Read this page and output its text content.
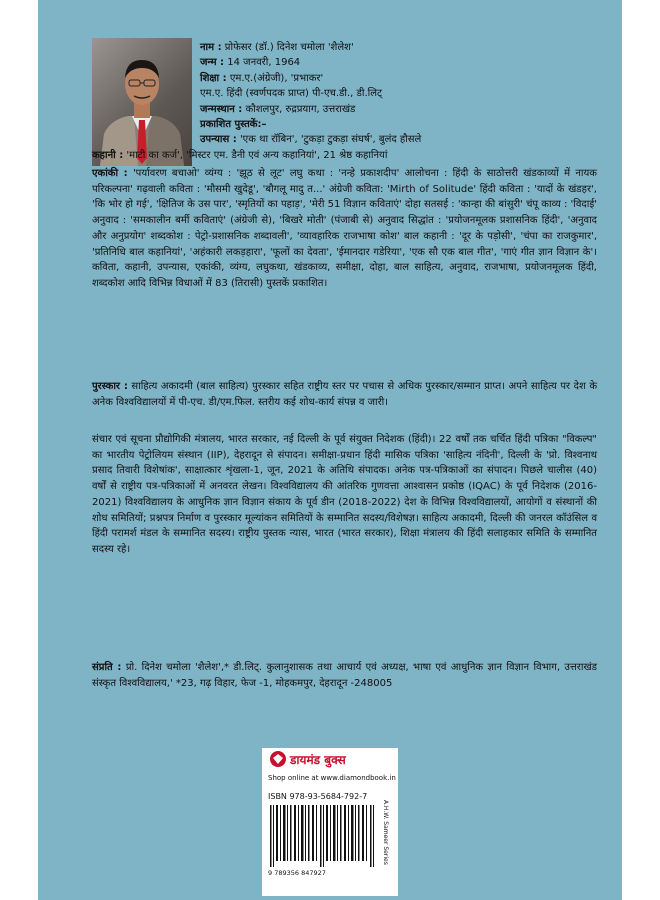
नाम : प्रोफेसर (डॉ.) दिनेश चमोला 'शैलेश'
जन्म : 14 जनवरी, 1964
शिक्षा : एम.ए.(अंग्रेजी), 'प्रभाकर'
एम.ए. हिंदी (स्वर्णपदक प्राप्त) पी-एच.डी., डी.लिट्
जन्मस्थान : कौशलपुर, रुद्रप्रयाग, उत्तराखंड
प्रकाशित पुस्तकें:–
उपन्यास : 'एक था रॉबिन', 'टुकड़ा टुकड़ा संघर्ष', बुलंद हौसले
कहानी : 'माटी का कर्ज', 'मिस्टर एम. डैनी एवं अन्य कहानियां', 21 श्रेष्ठ कहानियां
एकांकी : 'पर्यावरण बचाओ' व्यंग्य : 'झूठ से लूट' लघु कथा : 'नन्हे प्रकाशदीप' आलोचना : हिंदी के साठोत्तरी खंडकाव्यों में नायक परिकल्पना' गढ़वाली कविता : 'मौसमी खुदेडू', 'बौगलू मादु त...' अंग्रेजी कविता: 'Mirth of Solitude' हिंदी कविता : 'यादों के खंडहर', 'कि भोर हो गई', 'क्षितिज के उस पार', 'स्मृतियों का पहाड़', 'मेरी 51 विज्ञान कविताएं' दोहा सतसई : 'कान्हा की बांसुरी' चंपू काव्य : 'विदाई' अनुवाद : 'समकालीन बर्मी कविताएं' (अंग्रेजी से), 'बिखरे मोती' (पंजाबी से) अनुवाद सिद्धांत : 'प्रयोजनमूलक प्रशासनिक हिंदी', 'अनुवाद और अनुप्रयोग' शब्दकोश : पेट्रो-प्रशासनिक शब्दावली', 'व्यावहारिक राजभाषा कोश' बाल कहानी : 'दूर के पड़ोसी', 'चंपा का राजकुमार', 'प्रतिनिधि बाल कहानियां', 'अहंकारी लकड़हारा', 'फूलों का देवता', 'ईमानदार गडेरिया', 'एक सौ एक बाल गीत', 'गाएं गीत ज्ञान विज्ञान के'। कविता, कहानी, उपन्यास, एकांकी, व्यंग्य, लघुकथा, खंडकाव्य, समीक्षा, दोहा, बाल साहित्य, अनुवाद, राजभाषा, प्रयोजनमूलक हिंदी, शब्दकोश आदि विभिन्न विधाओं में 83 (तिरासी) पुस्तकें प्रकाशित।
पुरस्कार : साहित्य अकादमी (बाल साहित्य) पुरस्कार सहित राष्ट्रीय स्तर पर पचास से अधिक पुरस्कार/सम्मान प्राप्त। अपने साहित्य पर देश के अनेक विश्वविद्यालयों में पी-एच. डी/एम.फिल. स्तरीय कई शोध-कार्य संपन्न व जारी।
संचार एवं सूचना प्रौद्योगिकी मंत्रालय, भारत सरकार, नई दिल्ली के पूर्व संयुक्त निदेशक (हिंदी)। 22 वर्षों तक चर्चित हिंदी पत्रिका "विकल्प" का भारतीय पेट्रोलियम संस्थान (IIP), देहरादून से संपादन। समीक्षा-प्रधान हिंदी मासिक पत्रिका 'साहित्य नंदिनी', दिल्ली के 'प्रो. विश्वनाथ प्रसाद तिवारी विशेषांक', साक्षात्कार शृंखला-1, जून, 2021 के अतिथि संपादक। अनेक पत्र-पत्रिकाओं का संपादन। पिछले चालीस (40) वर्षों से राष्ट्रीय पत्र-पत्रिकाओं में अनवरत लेखन। विश्वविद्यालय की आंतरिक गुणवत्ता आश्वासन प्रकोष्ठ (IQAC) के पूर्व निदेशक (2016-2021) विश्वविद्यालय के आधुनिक ज्ञान विज्ञान संकाय के पूर्व डीन (2018-2022) देश के विभिन्न विश्वविद्यालयों, आयोगों व संस्थानों की शोध समितियों; प्रश्नपत्र निर्माण व पुरस्कार मूल्यांकन समितियों के सम्मानित सदस्य/विशेषज्ञ। साहित्य अकादमी, दिल्ली की जनरल कॉउंसिल व हिंदी परामर्श मंडल के सम्मानित सदस्य। राष्ट्रीय पुस्तक न्यास, भारत (भारत सरकार), शिक्षा मंत्रालय की हिंदी सलाहकार समिति के सम्मानित सदस्य रहे।
संप्रति : प्रो. दिनेश चमोला 'शैलेश',* डी.लिट्. कुलानुशासक तथा आचार्य एवं अध्यक्ष, भाषा एवं आधुनिक ज्ञान विज्ञान विभाग, उत्तराखंड संस्कृत विश्वविद्यालय,' *23, गढ़ विहार, फेज -1, मोहकमपुर, देहरादून -248005
डायमंड बुक्स
Shop online at www.diamondbook.in
ISBN 978-93-5684-792-7
9 789356 847927
A.H.W. Sameer Series
